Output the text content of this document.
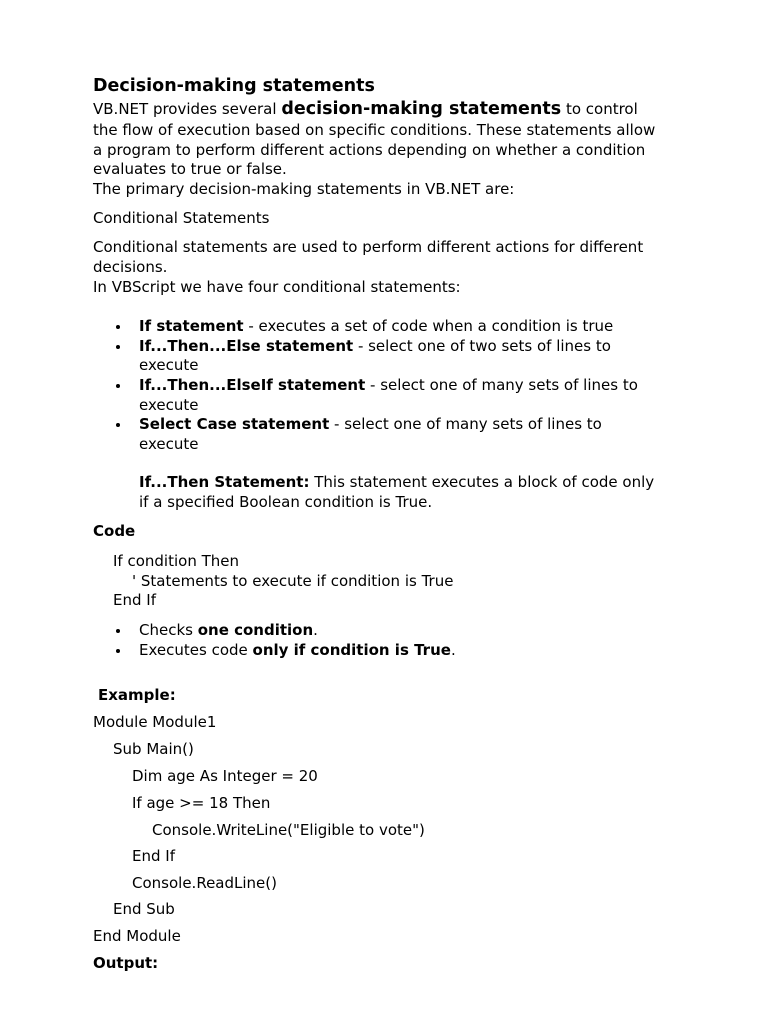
Decision-making statements
VB.NET provides several decision-making statements to control
the flow of execution based on specific conditions. These statements allow
a program to perform different actions depending on whether a condition
evaluates to true or false.
The primary decision-making statements in VB.NET are:
Conditional Statements
Conditional statements are used to perform different actions for different
decisions.
In VBScript we have four conditional statements:
If statement - executes a set of code when a condition is true
If...Then...Else statement - select one of two sets of lines to
execute
If...Then...ElseIf statement - select one of many sets of lines to
execute
Select Case statement - select one of many sets of lines to
execute
If...Then Statement: This statement executes a block of code only
if a specified Boolean condition is True.
Code
If condition Then
' Statements to execute if condition is True
End If
Checks one condition.
Executes code only if condition is True.
Example:
Module Module1
Sub Main()
Dim age As Integer = 20
If age >= 18 Then
Console.WriteLine("Eligible to vote")
End If
Console.ReadLine()
End Sub
End Module
Output:
